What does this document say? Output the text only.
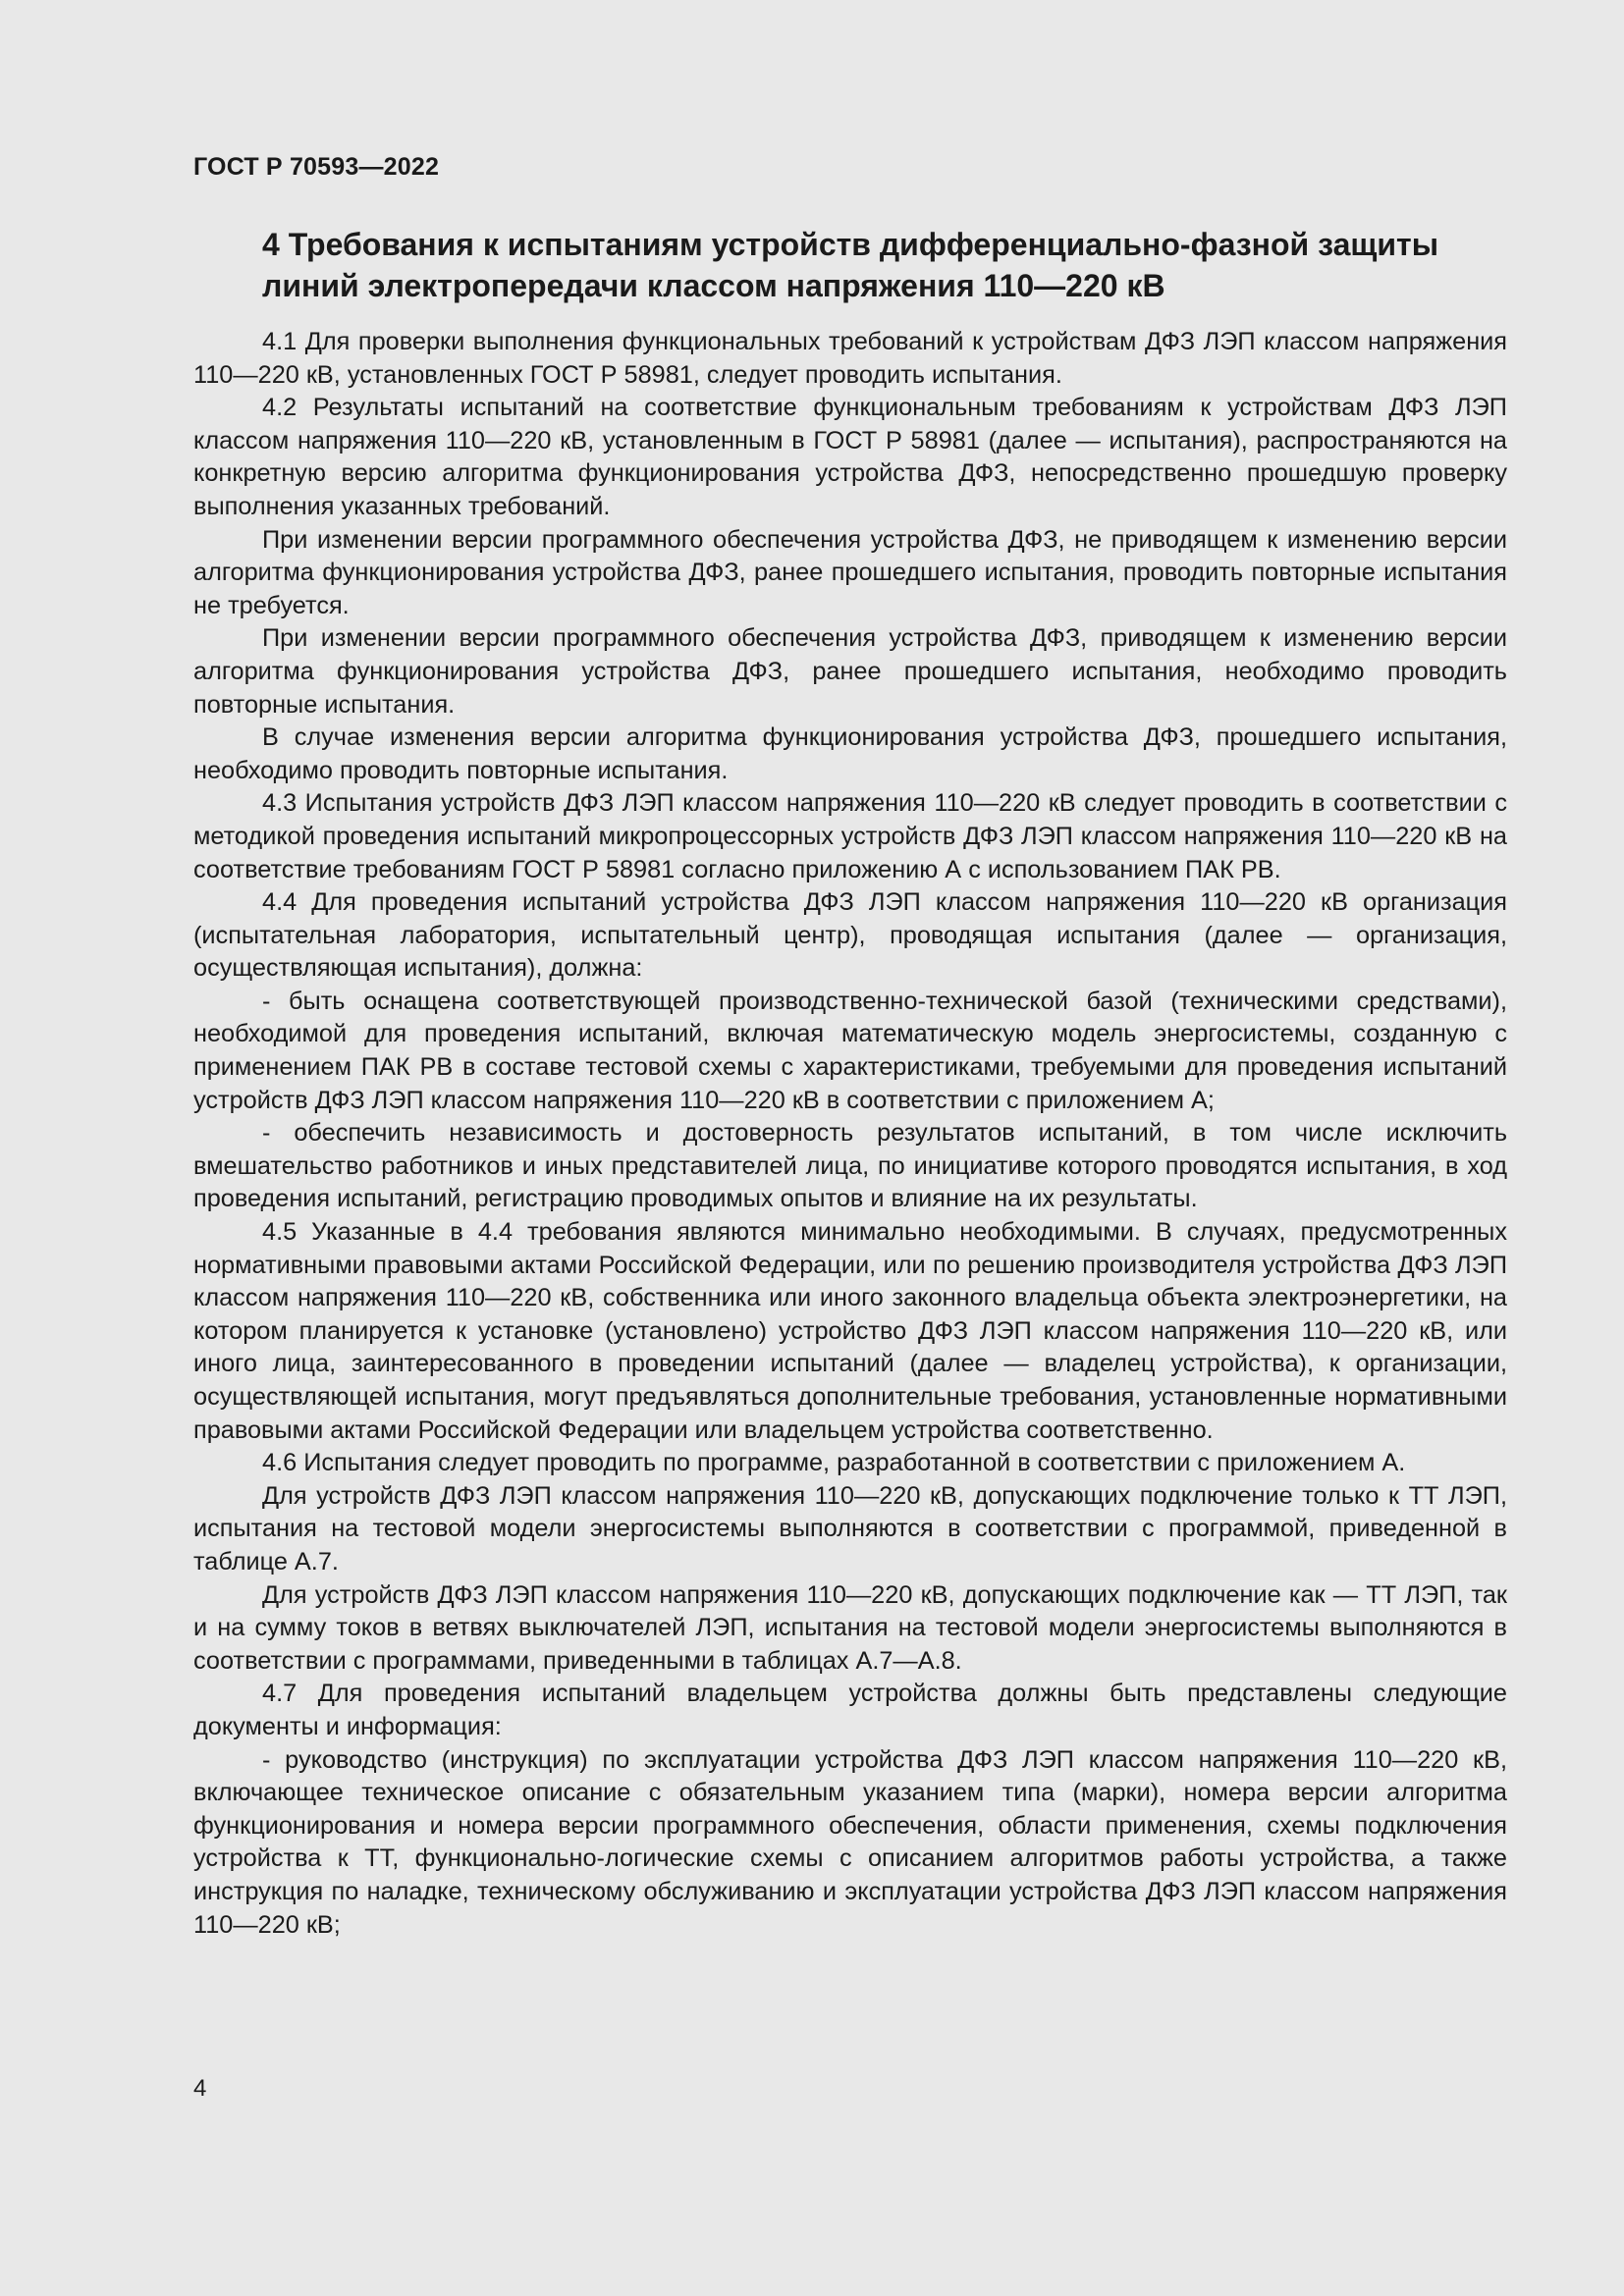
ГОСТ Р 70593—2022
4 Требования к испытаниям устройств дифференциально-фазной защиты
линий электропередачи классом напряжения 110—220 кВ

4.1 Для проверки выполнения функциональных требований к устройствам ДФЗ ЛЭП классом напряжения 110—220 кВ, установленных ГОСТ Р 58981, следует проводить испытания.

4.2 Результаты испытаний на соответствие функциональным требованиям к устройствам ДФЗ ЛЭП классом напряжения 110—220 кВ, установленным в ГОСТ Р 58981 (далее — испытания), распространяются на конкретную версию алгоритма функционирования устройства ДФЗ, непосредственно прошедшую проверку выполнения указанных требований.

При изменении версии программного обеспечения устройства ДФЗ, не приводящем к изменению версии алгоритма функционирования устройства ДФЗ, ранее прошедшего испытания, проводить повторные испытания не требуется.

При изменении версии программного обеспечения устройства ДФЗ, приводящем к изменению версии алгоритма функционирования устройства ДФЗ, ранее прошедшего испытания, необходимо проводить повторные испытания.

В случае изменения версии алгоритма функционирования устройства ДФЗ, прошедшего испытания, необходимо проводить повторные испытания.

4.3 Испытания устройств ДФЗ ЛЭП классом напряжения 110—220 кВ следует проводить в соответствии с методикой проведения испытаний микропроцессорных устройств ДФЗ ЛЭП классом напряжения 110—220 кВ на соответствие требованиям ГОСТ Р 58981 согласно приложению А с использованием ПАК РВ.

4.4 Для проведения испытаний устройства ДФЗ ЛЭП классом напряжения 110—220 кВ организация (испытательная лаборатория, испытательный центр), проводящая испытания (далее — организация, осуществляющая испытания), должна:

- быть оснащена соответствующей производственно-технической базой (техническими средствами), необходимой для проведения испытаний, включая математическую модель энергосистемы, созданную с применением ПАК РВ в составе тестовой схемы с характеристиками, требуемыми для проведения испытаний устройств ДФЗ ЛЭП классом напряжения 110—220 кВ в соответствии с приложением А;

- обеспечить независимость и достоверность результатов испытаний, в том числе исключить вмешательство работников и иных представителей лица, по инициативе которого проводятся испытания, в ход проведения испытаний, регистрацию проводимых опытов и влияние на их результаты.

4.5 Указанные в 4.4 требования являются минимально необходимыми. В случаях, предусмотренных нормативными правовыми актами Российской Федерации, или по решению производителя устройства ДФЗ ЛЭП классом напряжения 110—220 кВ, собственника или иного законного владельца объекта электроэнергетики, на котором планируется к установке (установлено) устройство ДФЗ ЛЭП классом напряжения 110—220 кВ, или иного лица, заинтересованного в проведении испытаний (далее — владелец устройства), к организации, осуществляющей испытания, могут предъявляться дополнительные требования, установленные нормативными правовыми актами Российской Федерации или владельцем устройства соответственно.

4.6 Испытания следует проводить по программе, разработанной в соответствии с приложением А.

Для устройств ДФЗ ЛЭП классом напряжения 110—220 кВ, допускающих подключение только к ТТ ЛЭП, испытания на тестовой модели энергосистемы выполняются в соответствии с программой, приведенной в таблице А.7.

Для устройств ДФЗ ЛЭП классом напряжения 110—220 кВ, допускающих подключение как — ТТ ЛЭП, так и на сумму токов в ветвях выключателей ЛЭП, испытания на тестовой модели энергосистемы выполняются в соответствии с программами, приведенными в таблицах А.7—А.8.

4.7 Для проведения испытаний владельцем устройства должны быть представлены следующие документы и информация:

- руководство (инструкция) по эксплуатации устройства ДФЗ ЛЭП классом напряжения 110—220 кВ, включающее техническое описание с обязательным указанием типа (марки), номера версии алгоритма функционирования и номера версии программного обеспечения, области применения, схемы подключения устройства к ТТ, функционально-логические схемы с описанием алгоритмов работы устройства, а также инструкция по наладке, техническому обслуживанию и эксплуатации устройства ДФЗ ЛЭП классом напряжения 110—220 кВ;

4
